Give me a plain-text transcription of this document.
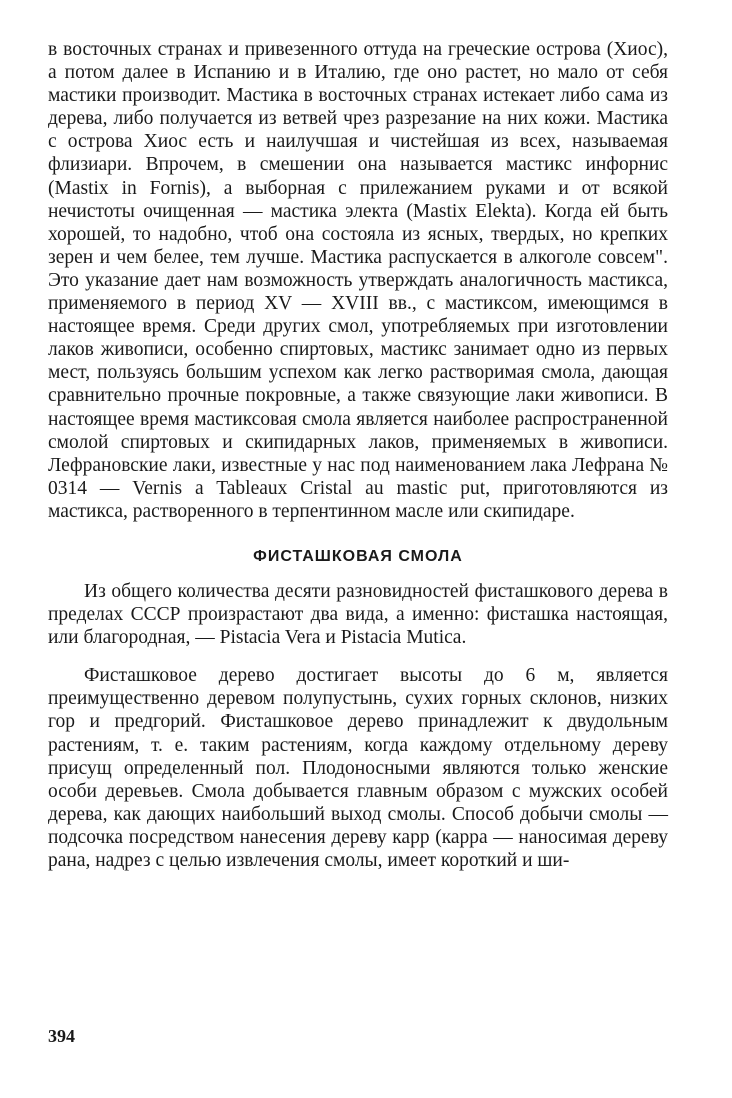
в восточных странах и привезенного оттуда на греческие острова (Хиос), а потом далее в Испанию и в Италию, где оно растет, но мало от себя мастики производит. Мастика в восточных странах истекает либо сама из дерева, либо получается из ветвей чрез разрезание на них кожи. Мастика с острова Хиос есть и наилучшая и чистейшая из всех, называемая флизиари. Впрочем, в смешении она называется мастикс инфорнис (Mastix in Fornis), а выборная с прилежанием руками и от всякой нечистоты очищенная — мастика электа (Mastix Elekta). Когда ей быть хорошей, то надобно, чтоб она состояла из ясных, твердых, но крепких зерен и чем белее, тем лучше. Мастика распускается в алкоголе совсем". Это указание дает нам возможность утверждать аналогичность мастикса, применяемого в период XV — XVIII вв., с мастиксом, имеющимся в настоящее время. Среди других смол, употребляемых при изготовлении лаков живописи, особенно спиртовых, мастикс занимает одно из первых мест, пользуясь большим успехом как легко растворимая смола, дающая сравнительно прочные покровные, а также связующие лаки живописи. В настоящее время мастиксовая смола является наиболее распространенной смолой спиртовых и скипидарных лаков, применяемых в живописи. Лефрановские лаки, известные у нас под наименованием лака Лефрана № 0314 — Vernis a Tableaux Cristal au mastic put, приготовляются из мастикса, растворенного в терпентинном масле или скипидаре.

ФИСТАШКОВАЯ СМОЛА

Из общего количества десяти разновидностей фисташкового дерева в пределах СССР произрастают два вида, а именно: фисташка настоящая, или благородная, — Pistacia Vera и Pistacia Mutica.

Фисташковое дерево достигает высоты до 6 м, является преимущественно деревом полупустынь, сухих горных склонов, низких гор и предгорий. Фисташковое дерево принадлежит к двудольным растениям, т. е. таким растениям, когда каждому отдельному дереву присущ определенный пол. Плодоносными являются только женские особи деревьев. Смола добывается главным образом с мужских особей дерева, как дающих наибольший выход смолы. Способ добычи смолы — подсочка посредством нанесения дереву карр (карра — наносимая дереву рана, надрез с целью извлечения смолы, имеет короткий и ши-

394
